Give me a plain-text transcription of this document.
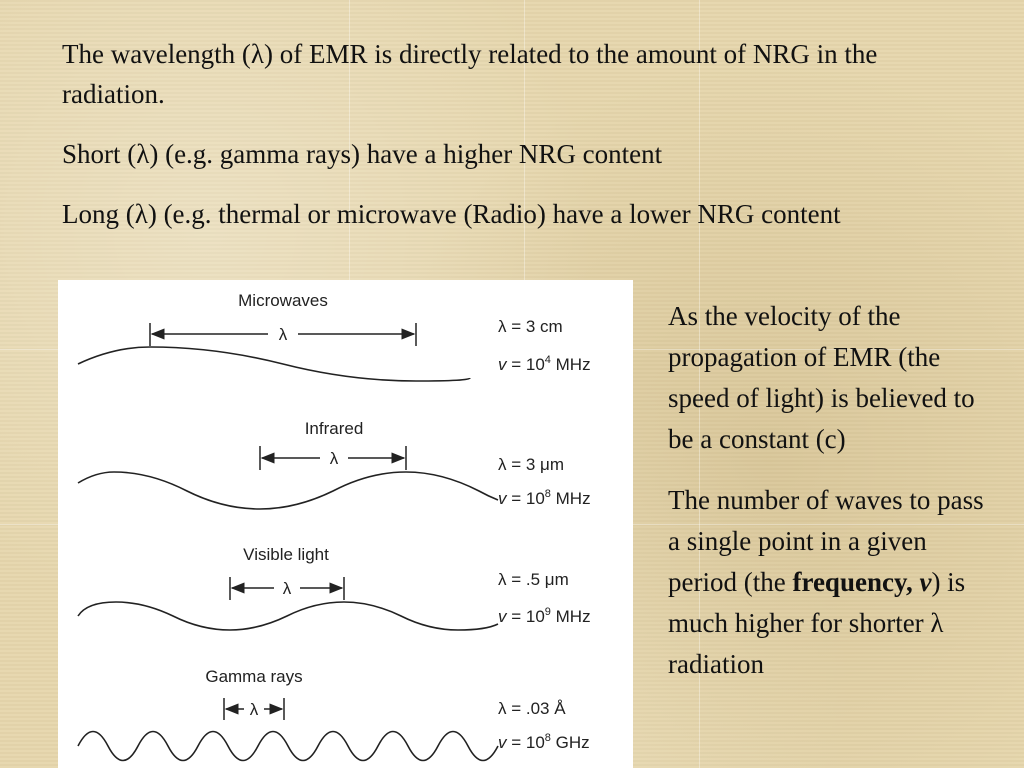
The wavelength (λ) of EMR is directly related to the amount of NRG in the radiation.

Short (λ) (e.g. gamma rays) have a higher NRG content

Long (λ) (e.g. thermal or microwave (Radio) have a lower NRG content

Microwaves
λ	λ = 3 cm
$v = 10^4$ MHz
Infrared
λ	λ = 3 μm
$v = 10^8$ MHz
Visible light
λ	λ = .5 μm
$v = 10^9$ MHz
Gamma rays
λ	λ = .03 Å
$v = 10^8$ GHz

As the velocity of the propagation of EMR (the speed of light) is believed to be a constant (c)

The number of waves to pass a single point in a given period (the frequency, v) is much higher for shorter λ radiation
